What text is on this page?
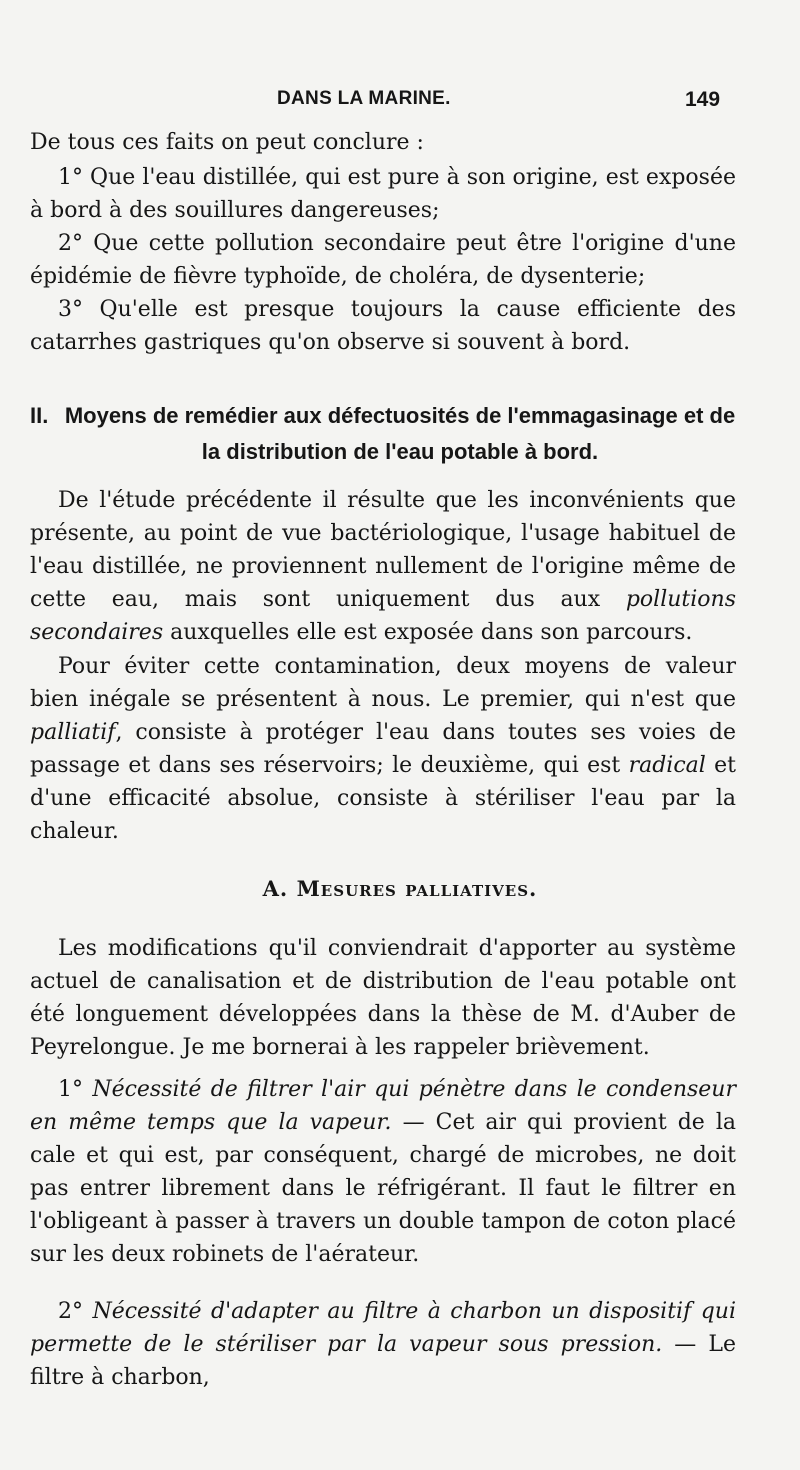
DANS LA MARINE.	149

De tous ces faits on peut conclure :

1° Que l'eau distillée, qui est pure à son origine, est exposée à bord à des souillures dangereuses;

2° Que cette pollution secondaire peut être l'origine d'une épidémie de fièvre typhoïde, de choléra, de dysenterie;

3° Qu'elle est presque toujours la cause efficiente des catarrhes gastriques qu'on observe si souvent à bord.

II. Moyens de remédier aux défectuosités de l'emmagasinage et de la distribution de l'eau potable à bord.

De l'étude précédente il résulte que les inconvénients que présente, au point de vue bactériologique, l'usage habituel de l'eau distillée, ne proviennent nullement de l'origine même de cette eau, mais sont uniquement dus aux pollutions secondaires auxquelles elle est exposée dans son parcours.

Pour éviter cette contamination, deux moyens de valeur bien inégale se présentent à nous. Le premier, qui n'est que palliatif, consiste à protéger l'eau dans toutes ses voies de passage et dans ses réservoirs; le deuxième, qui est radical et d'une efficacité absolue, consiste à stériliser l'eau par la chaleur.

A. Mesures palliatives.

Les modifications qu'il conviendrait d'apporter au système actuel de canalisation et de distribution de l'eau potable ont été longuement développées dans la thèse de M. d'Auber de Peyrelongue. Je me bornerai à les rappeler brièvement.

1° Nécessité de filtrer l'air qui pénètre dans le condenseur en même temps que la vapeur. — Cet air qui provient de la cale et qui est, par conséquent, chargé de microbes, ne doit pas entrer librement dans le réfrigérant. Il faut le filtrer en l'obligeant à passer à travers un double tampon de coton placé sur les deux robinets de l'aérateur.

2° Nécessité d'adapter au filtre à charbon un dispositif qui permette de le stériliser par la vapeur sous pression. — Le filtre à charbon,
